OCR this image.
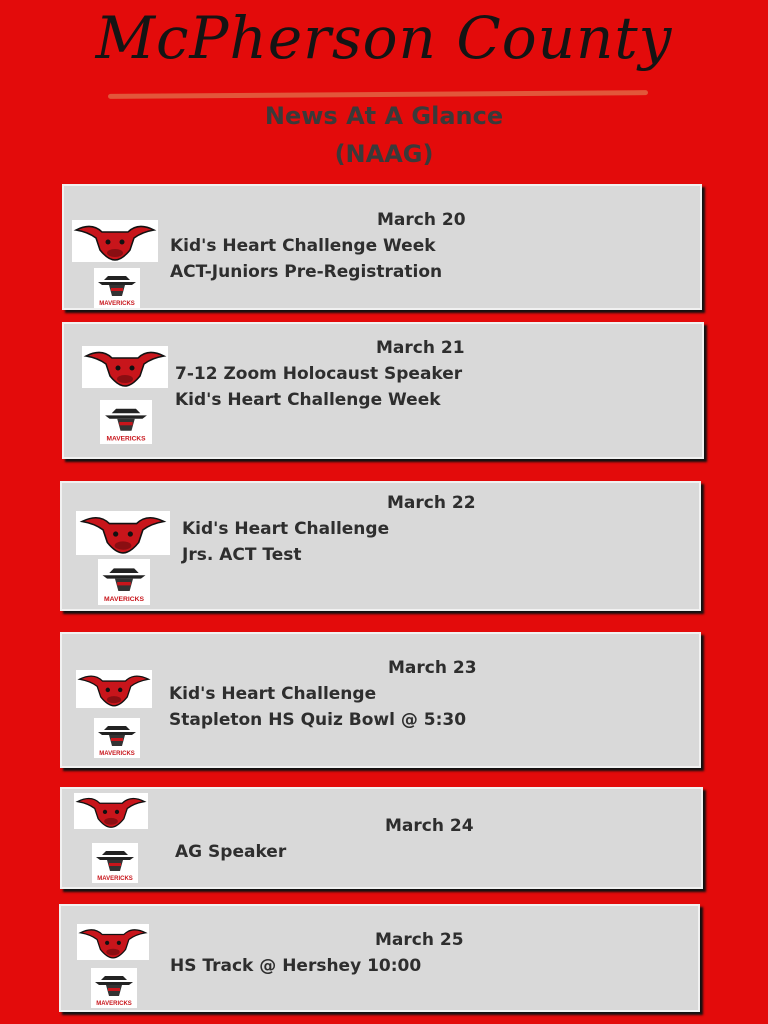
McPherson County
News At A Glance
(NAAG)
MAVERICKS
March 20
Kid's Heart Challenge Week
ACT-Juniors Pre-Registration
MAVERICKS
March 21
7-12 Zoom Holocaust Speaker
Kid's Heart Challenge Week
MAVERICKS
March 22
Kid's Heart Challenge
Jrs. ACT Test
MAVERICKS
March 23
Kid's Heart Challenge
Stapleton HS Quiz Bowl @ 5:30
MAVERICKS
March 24
AG Speaker
MAVERICKS
March 25
HS Track @ Hershey 10:00
